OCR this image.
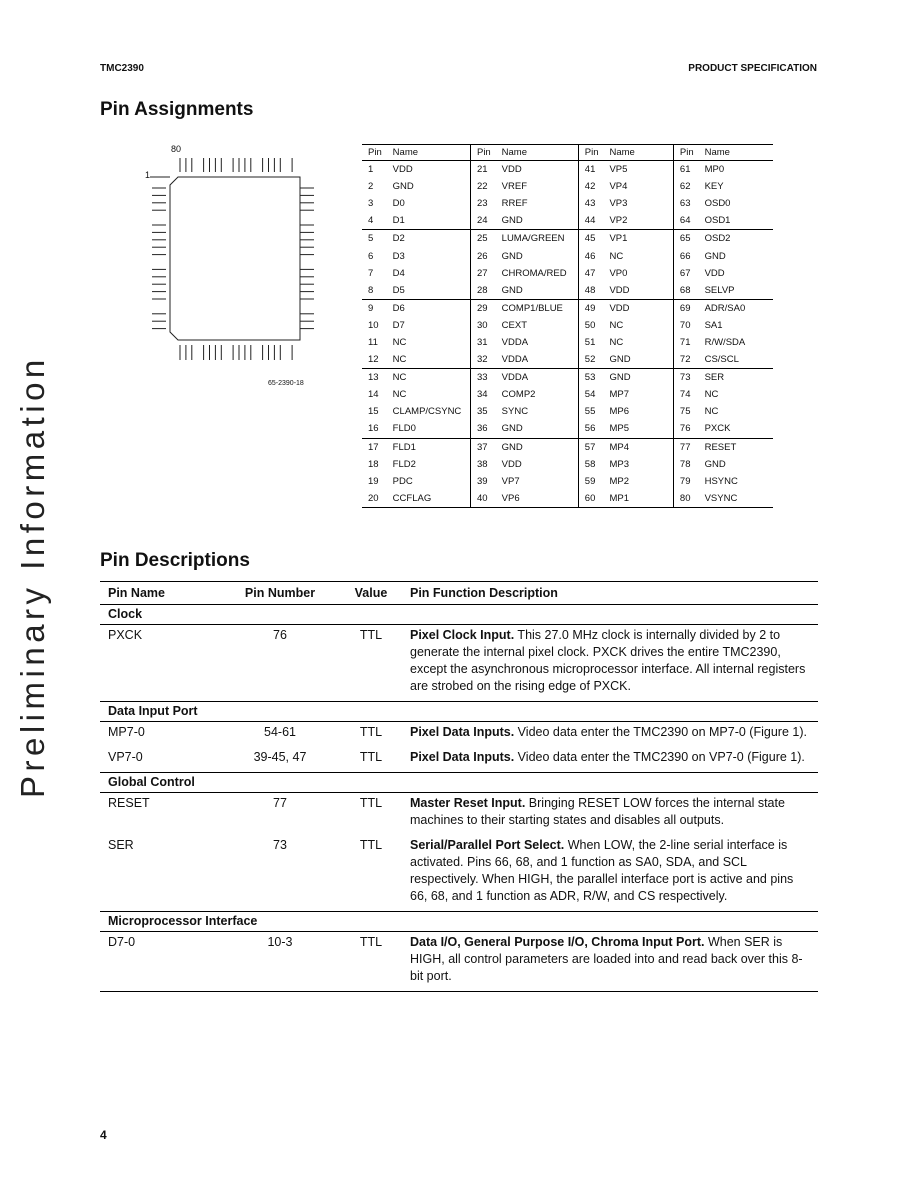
TMC2390	PRODUCT SPECIFICATION
Preliminary Information
Pin Assignments
80
1
65-2390-18
Pin	Name	Pin	Name	Pin	Name	Pin	Name
1	VDD	21	VDD	41	VP5	61	MP0
2	GND	22	VREF	42	VP4	62	KEY
3	D0	23	RREF	43	VP3	63	OSD0
4	D1	24	GND	44	VP2	64	OSD1
5	D2	25	LUMA/GREEN	45	VP1	65	OSD2
6	D3	26	GND	46	NC	66	GND
7	D4	27	CHROMA/RED	47	VP0	67	VDD
8	D5	28	GND	48	VDD	68	SELVP
9	D6	29	COMP1/BLUE	49	VDD	69	ADR/SA0
10	D7	30	CEXT	50	NC	70	SA1
11	NC	31	VDDA	51	NC	71	R/W/SDA
12	NC	32	VDDA	52	GND	72	CS/SCL
13	NC	33	VDDA	53	GND	73	SER
14	NC	34	COMP2	54	MP7	74	NC
15	CLAMP/CSYNC	35	SYNC	55	MP6	75	NC
16	FLD0	36	GND	56	MP5	76	PXCK
17	FLD1	37	GND	57	MP4	77	RESET
18	FLD2	38	VDD	58	MP3	78	GND
19	PDC	39	VP7	59	MP2	79	HSYNC
20	CCFLAG	40	VP6	60	MP1	80	VSYNC
Pin Descriptions
Pin Name	Pin Number	Value	Pin Function Description
Clock			
PXCK	76	TTL	Pixel Clock Input. This 27.0 MHz clock is internally divided by 2 to generate the internal pixel clock. PXCK drives the entire TMC2390, except the asynchronous microprocessor interface. All internal registers are strobed on the rising edge of PXCK.
Data Input Port			
MP7-0	54-61	TTL	Pixel Data Inputs. Video data enter the TMC2390 on MP7-0 (Figure 1).
VP7-0	39-45, 47	TTL	Pixel Data Inputs. Video data enter the TMC2390 on VP7-0 (Figure 1).
Global Control			
RESET	77	TTL	Master Reset Input. Bringing RESET LOW forces the internal state machines to their starting states and disables all outputs.
SER	73	TTL	Serial/Parallel Port Select. When LOW, the 2-line serial interface is activated. Pins 66, 68, and 1 function as SA0, SDA, and SCL respectively. When HIGH, the parallel interface port is active and pins 66, 68, and 1 function as ADR, R/W, and CS respectively.
Microprocessor Interface			
D7-0	10-3	TTL	Data I/O, General Purpose I/O, Chroma Input Port. When SER is HIGH, all control parameters are loaded into and read back over this 8-bit port.
4
